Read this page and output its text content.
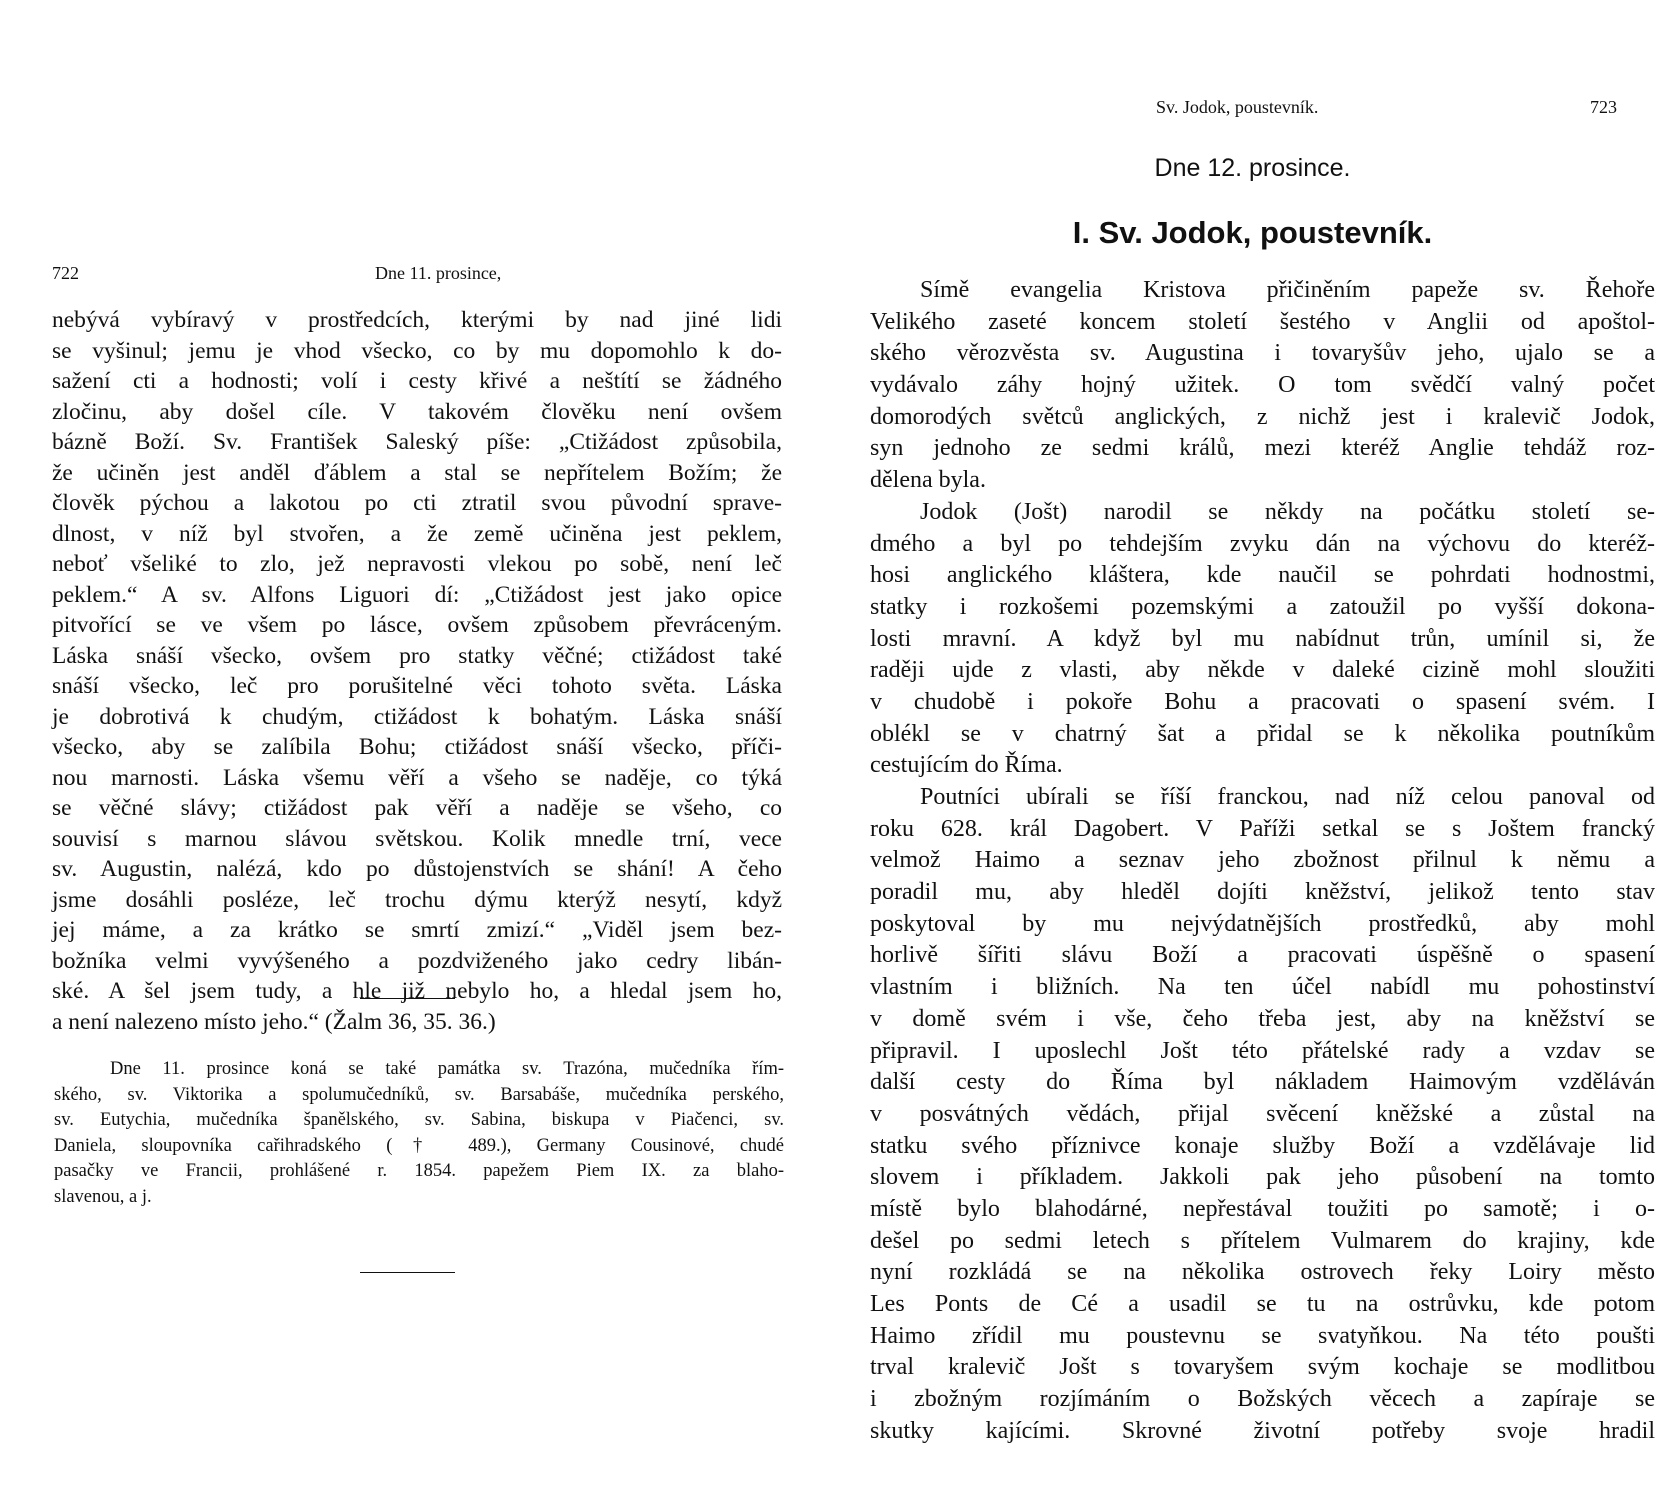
722	Dne 11. prosince,
nebývá vybíravý v prostředcích, kterými by nad jiné lidi
se vyšinul; jemu je vhod všecko, co by mu dopomohlo k do-
sažení cti a hodnosti; volí i cesty křivé a neštítí se žádného
zločinu, aby došel cíle. V takovém člověku není ovšem
bázně Boží. Sv. František Saleský píše: „Ctižádost způsobila,
že učiněn jest anděl ďáblem a stal se nepřítelem Božím; že
člověk pýchou a lakotou po cti ztratil svou původní sprave-
dlnost, v níž byl stvořen, a že země učiněna jest peklem,
neboť všeliké to zlo, jež nepravosti vlekou po sobě, není leč
peklem.“ A sv. Alfons Liguori dí: „Ctižádost jest jako opice
pitvořící se ve všem po lásce, ovšem způsobem převráceným.
Láska snáší všecko, ovšem pro statky věčné; ctižádost také
snáší všecko, leč pro porušitelné věci tohoto světa. Láska
je dobrotivá k chudým, ctižádost k bohatým. Láska snáší
všecko, aby se zalíbila Bohu; ctižádost snáší všecko, příči-
nou marnosti. Láska všemu věří a všeho se naděje, co týká
se věčné slávy; ctižádost pak věří a naděje se všeho, co
souvisí s marnou slávou světskou. Kolik mnedle trní, vece
sv. Augustin, nalézá, kdo po důstojenstvích se shání! A čeho
jsme dosáhli posléze, leč trochu dýmu kterýž nesytí, když
jej máme, a za krátko se smrtí zmizí.“ „Viděl jsem bez-
božníka velmi vyvýšeného a pozdviženého jako cedry libán-
ské. A šel jsem tudy, a hle již nebylo ho, a hledal jsem ho,
a není nalezeno místo jeho.“ (Žalm 36, 35. 36.)
Dne 11. prosince koná se také památka sv. Trazóna, mučedníka řím-
ského, sv. Viktorika a spolumučedníků, sv. Barsabáše, mučedníka perského,
sv. Eutychia, mučedníka španělského, sv. Sabina, biskupa v Piačenci, sv.
Daniela, sloupovníka cařihradského († 489.), Germany Cousinové, chudé
pasačky ve Francii, prohlášené r. 1854. papežem Piem IX. za blaho-
slavenou, a j.
Sv. Jodok, poustevník.	723
Dne 12. prosince.
I. Sv. Jodok, poustevník.
Símě evangelia Kristova přičiněním papeže sv. Řehoře
Velikého zaseté koncem století šestého v Anglii od apoštol-
ského věrozvěsta sv. Augustina i tovaryšův jeho, ujalo se a
vydávalo záhy hojný užitek. O tom svědčí valný počet
domorodých světců anglických, z nichž jest i kralevič Jodok,
syn jednoho ze sedmi králů, mezi kteréž Anglie tehdáž roz-
dělena byla.
Jodok (Jošt) narodil se někdy na počátku století se-
dmého a byl po tehdejším zvyku dán na výchovu do kteréž-
hosi anglického kláštera, kde naučil se pohrdati hodnostmi,
statky i rozkošemi pozemskými a zatoužil po vyšší dokona-
losti mravní. A když byl mu nabídnut trůn, umínil si, že
raději ujde z vlasti, aby někde v daleké cizině mohl sloužiti
v chudobě i pokoře Bohu a pracovati o spasení svém. I
oblékl se v chatrný šat a přidal se k několika poutníkům
cestujícím do Říma.
Poutníci ubírali se říší franckou, nad níž celou panoval od
roku 628. král Dagobert. V Paříži setkal se s Joštem francký
velmož Haimo a seznav jeho zbožnost přilnul k němu a
poradil mu, aby hleděl dojíti kněžství, jelikož tento stav
poskytoval by mu nejvýdatnějších prostředků, aby mohl
horlivě šířiti slávu Boží a pracovati úspěšně o spasení
vlastním i bližních. Na ten účel nabídl mu pohostinství
v domě svém i vše, čeho třeba jest, aby na kněžství se
připravil. I uposlechl Jošt této přátelské rady a vzdav se
další cesty do Říma byl nákladem Haimovým vzděláván
v posvátných vědách, přijal svěcení kněžské a zůstal na
statku svého příznivce konaje služby Boží a vzdělávaje lid
slovem i příkladem. Jakkoli pak jeho působení na tomto
místě bylo blahodárné, nepřestával toužiti po samotě; i o-
dešel po sedmi letech s přítelem Vulmarem do krajiny, kde
nyní rozkládá se na několika ostrovech řeky Loiry město
Les Ponts de Cé a usadil se tu na ostrůvku, kde potom
Haimo zřídil mu poustevnu se svatyňkou. Na této poušti
trval kralevič Jošt s tovaryšem svým kochaje se modlitbou
i zbožným rozjímáním o Božských věcech a zapíraje se
skutky kajícími. Skrovné životní potřeby svoje hradil
